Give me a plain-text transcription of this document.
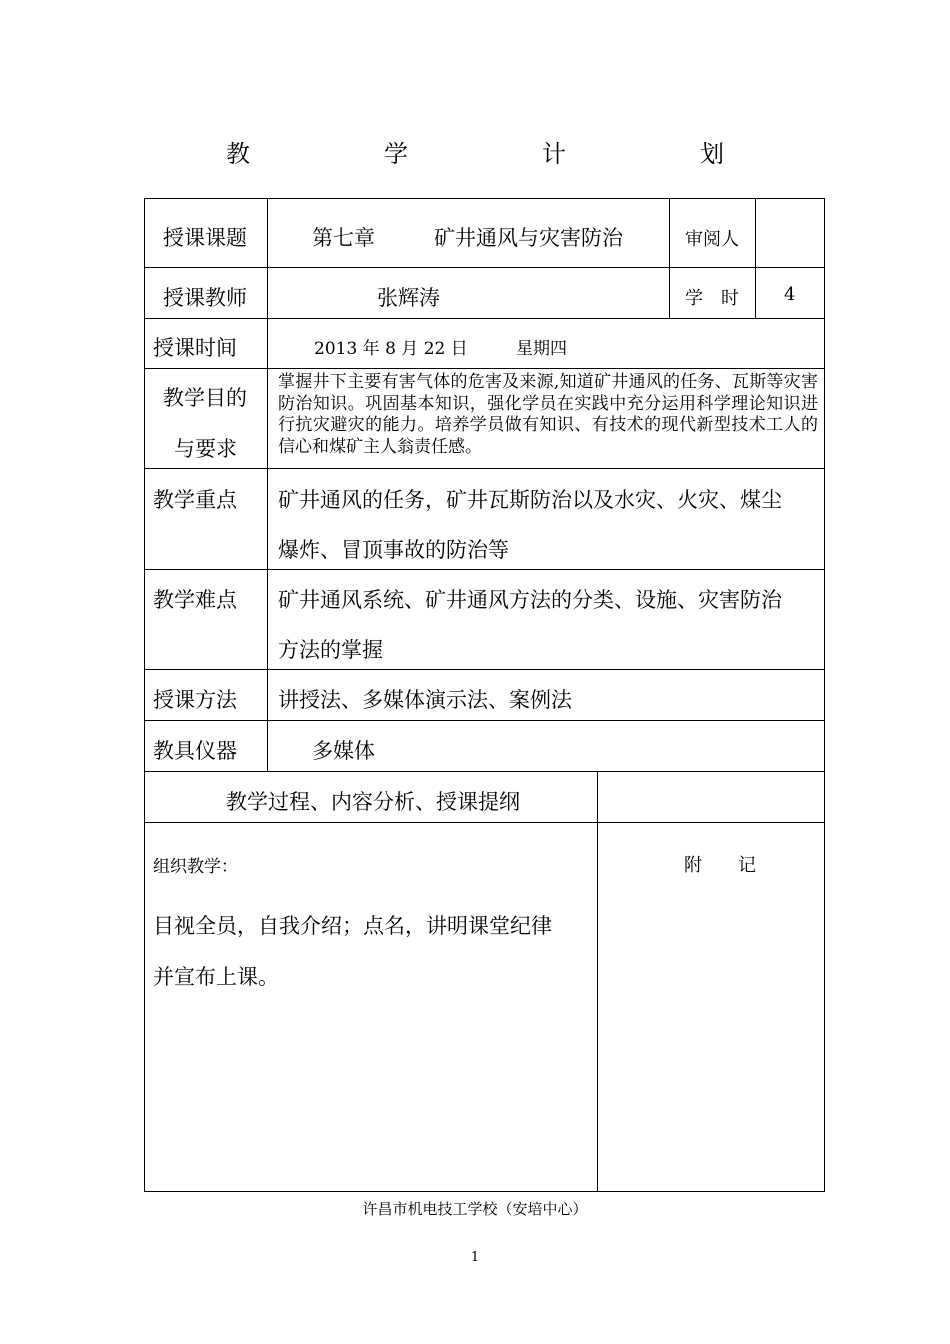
教　学　计　划
授课课题	第七章	矿井通风与灾害防治	审阅人
授课教师	张辉涛	学　时	4
授课时间	2013 年 8 月 22 日	星期四
教学目的
与要求
掌握井下主要有害气体的危害及来源,知道矿井通风的任务、瓦斯等灾害防治知识。巩固基本知识，强化学员在实践中充分运用科学理论知识进行抗灾避灾的能力。培养学员做有知识、有技术的现代新型技术工人的信心和煤矿主人翁责任感。
教学重点 矿井通风的任务，矿井瓦斯防治以及水灾、火灾、煤尘
爆炸、冒顶事故的防治等
教学难点 矿井通风系统、矿井通风方法的分类、设施、灾害防治
方法的掌握
授课方法 讲授法、多媒体演示法、案例法
教具仪器	多媒体
教学过程、内容分析、授课提纲
组织教学：
目视全员，自我介绍；点名，讲明课堂纪律
并宣布上课。
附　　记
许昌市机电技工学校（安培中心）
1
